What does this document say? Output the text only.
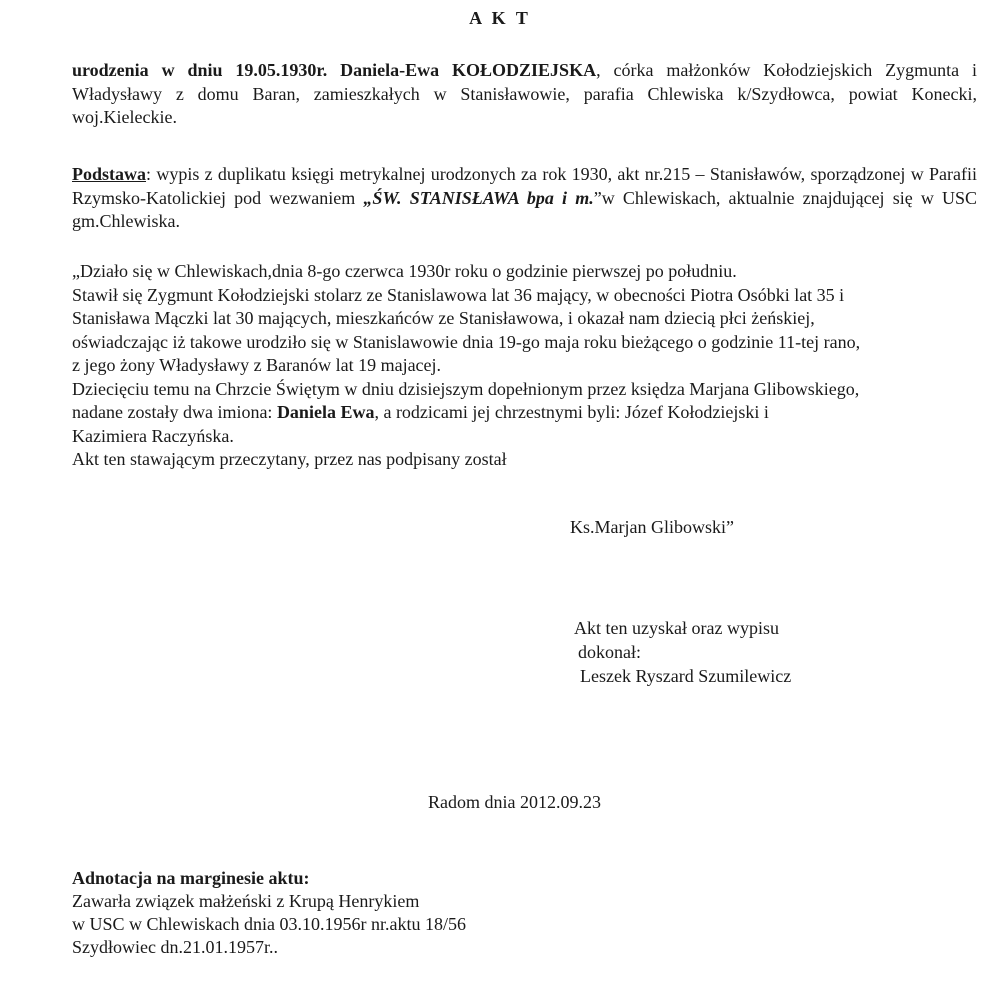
A K T
urodzenia w dniu 19.05.1930r. Daniela-Ewa KOŁODZIEJSKA, córka małżonków Kołodziejskich Zygmunta i Władysławy z domu Baran, zamieszkałych w Stanisławowie, parafia Chlewiska k/Szydłowca, powiat Konecki, woj.Kieleckie.
Podstawa: wypis z duplikatu księgi metrykalnej urodzonych za rok 1930, akt nr.215 – Stanisławów, sporządzonej w Parafii Rzymsko-Katolickiej pod wezwaniem „ŚW. STANISŁAWA bpa i m.”w Chlewiskach, aktualnie znajdującej się w USC gm.Chlewiska.
„Działo się w Chlewiskach,dnia 8-go czerwca 1930r roku o godzinie pierwszej po południu.
Stawił się Zygmunt Kołodziejski stolarz ze Stanislawowa lat 36 mający, w obecności Piotra Osóbki lat 35 i
Stanisława Mączki lat 30 mających, mieszkańców ze Stanisławowa, i okazał nam dziecią płci żeńskiej,
oświadczając iż takowe urodziło się w Stanislawowie dnia 19-go maja roku bieżącego o godzinie 11-tej rano,
z jego żony Władysławy z Baranów lat 19 majacej.
Dziecięciu temu na Chrzcie Świętym w dniu dzisiejszym dopełnionym przez księdza Marjana Glibowskiego,
nadane zostały dwa imiona: Daniela Ewa, a rodzicami jej chrzestnymi byli: Józef Kołodziejski i
Kazimiera Raczyńska.
Akt ten stawającym przeczytany, przez nas podpisany został
Ks.Marjan Glibowski”
Akt ten uzyskał oraz wypisu
dokonał:
Leszek Ryszard Szumilewicz
Radom dnia 2012.09.23
Adnotacja na marginesie aktu:
Zawarła związek małżeński z Krupą Henrykiem
w USC w Chlewiskach dnia 03.10.1956r nr.aktu 18/56
Szydłowiec dn.21.01.1957r..
